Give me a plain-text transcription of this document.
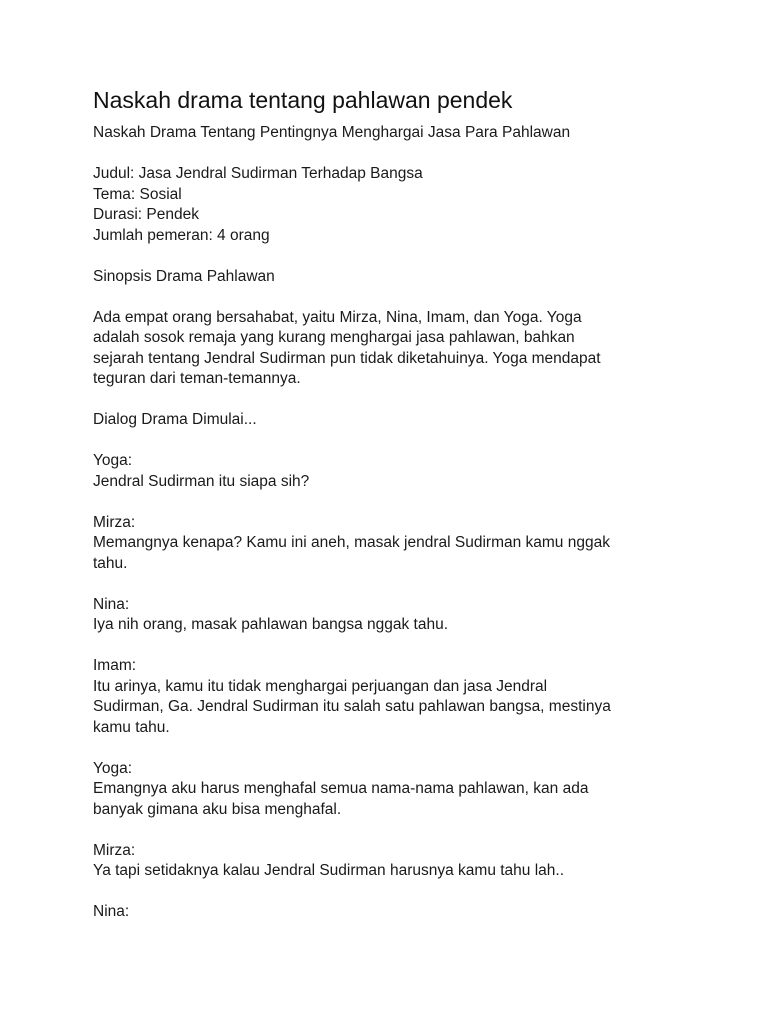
Naskah drama tentang pahlawan pendek

Naskah Drama Tentang Pentingnya Menghargai Jasa Para Pahlawan

Judul: Jasa Jendral Sudirman Terhadap Bangsa

Tema: Sosial

Durasi: Pendek

Jumlah pemeran: 4 orang

Sinopsis Drama Pahlawan

Ada empat orang bersahabat, yaitu Mirza, Nina, Imam, dan Yoga. Yoga

adalah sosok remaja yang kurang menghargai jasa pahlawan, bahkan

sejarah tentang Jendral Sudirman pun tidak diketahuinya. Yoga mendapat

teguran dari teman-temannya.

Dialog Drama Dimulai...

Yoga:

Jendral Sudirman itu siapa sih?

Mirza:

Memangnya kenapa? Kamu ini aneh, masak jendral Sudirman kamu nggak

tahu.

Nina:

Iya nih orang, masak pahlawan bangsa nggak tahu.

Imam:

Itu arinya, kamu itu tidak menghargai perjuangan dan jasa Jendral

Sudirman, Ga. Jendral Sudirman itu salah satu pahlawan bangsa, mestinya

kamu tahu.

Yoga:

Emangnya aku harus menghafal semua nama-nama pahlawan, kan ada

banyak gimana aku bisa menghafal.

Mirza:

Ya tapi setidaknya kalau Jendral Sudirman harusnya kamu tahu lah..

Nina:
